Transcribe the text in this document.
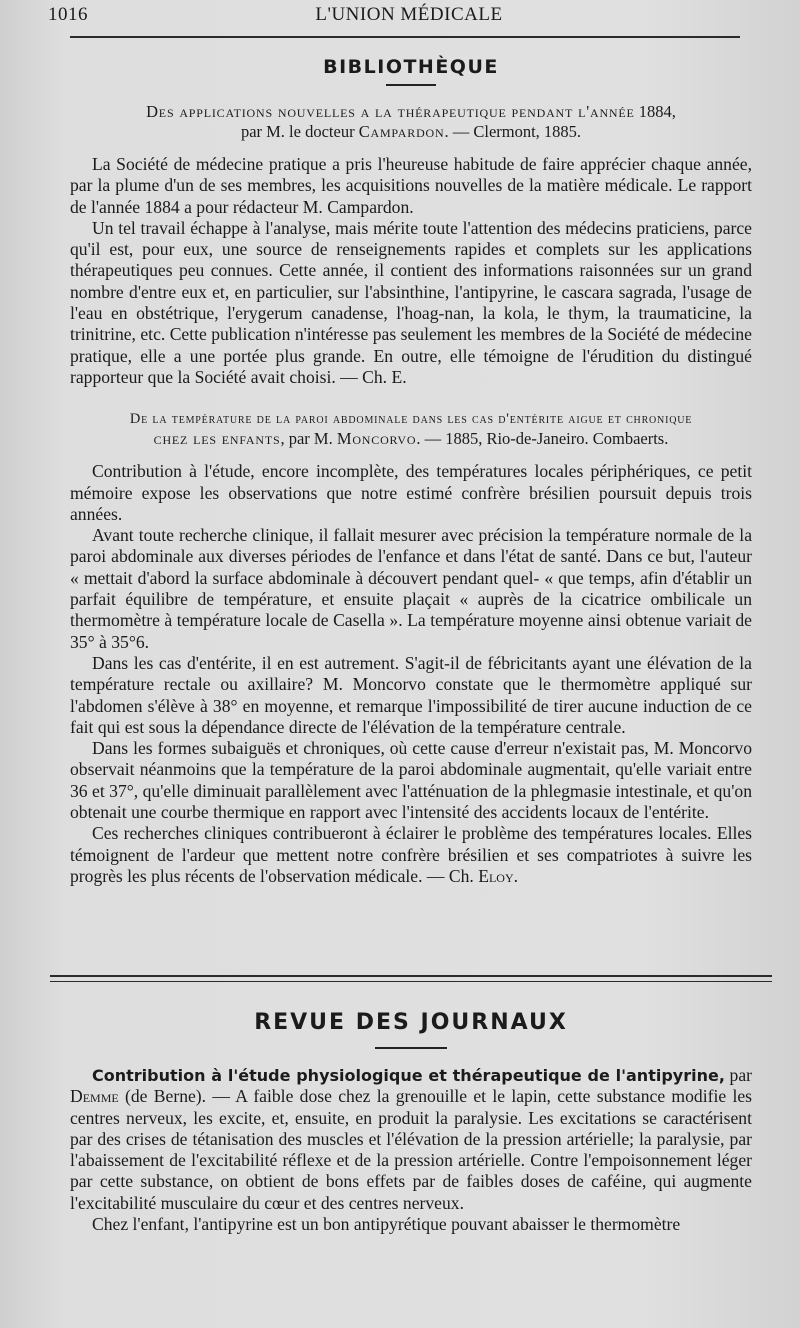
1016	L'UNION MÉDICALE
BIBLIOTHÈQUE
Des applications nouvelles a la thérapeutique pendant l'année 1884,
par M. le docteur Campardon. — Clermont, 1885.

La Société de médecine pratique a pris l'heureuse habitude de faire apprécier chaque année, par la plume d'un de ses membres, les acquisitions nouvelles de la matière médicale. Le rapport de l'année 1884 a pour rédacteur M. Campardon.

Un tel travail échappe à l'analyse, mais mérite toute l'attention des médecins praticiens, parce qu'il est, pour eux, une source de renseignements rapides et complets sur les applications thérapeutiques peu connues. Cette année, il contient des informations raisonnées sur un grand nombre d'entre eux et, en particulier, sur l'absinthine, l'antipyrine, le cascara sagrada, l'usage de l'eau en obstétrique, l'erygerum canadense, l'hoag-nan, la kola, le thym, la traumaticine, la trinitrine, etc. Cette publication n'intéresse pas seulement les membres de la Société de médecine pratique, elle a une portée plus grande. En outre, elle témoigne de l'érudition du distingué rapporteur que la Société avait choisi. — Ch. E.

De la température de la paroi abdominale dans les cas d'entérite aigue et chronique
chez les enfants, par M. Moncorvo. — 1885, Rio-de-Janeiro. Combaerts.

Contribution à l'étude, encore incomplète, des températures locales périphériques, ce petit mémoire expose les observations que notre estimé confrère brésilien poursuit depuis trois années.

Avant toute recherche clinique, il fallait mesurer avec précision la température normale de la paroi abdominale aux diverses périodes de l'enfance et dans l'état de santé. Dans ce but, l'auteur « mettait d'abord la surface abdominale à découvert pendant quel- « que temps, afin d'établir un parfait équilibre de température, et ensuite plaçait « auprès de la cicatrice ombilicale un thermomètre à température locale de Casella ». La température moyenne ainsi obtenue variait de 35° à 35°6.

Dans les cas d'entérite, il en est autrement. S'agit-il de fébricitants ayant une élévation de la température rectale ou axillaire? M. Moncorvo constate que le thermomètre appliqué sur l'abdomen s'élève à 38° en moyenne, et remarque l'impossibilité de tirer aucune induction de ce fait qui est sous la dépendance directe de l'élévation de la température centrale.

Dans les formes subaiguës et chroniques, où cette cause d'erreur n'existait pas, M. Moncorvo observait néanmoins que la température de la paroi abdominale augmentait, qu'elle variait entre 36 et 37°, qu'elle diminuait parallèlement avec l'atténuation de la phlegmasie intestinale, et qu'on obtenait une courbe thermique en rapport avec l'intensité des accidents locaux de l'entérite.

Ces recherches cliniques contribueront à éclairer le problème des températures locales. Elles témoignent de l'ardeur que mettent notre confrère brésilien et ses compatriotes à suivre les progrès les plus récents de l'observation médicale. — Ch. Eloy.

REVUE DES JOURNAUX

Contribution à l'étude physiologique et thérapeutique de l'antipyrine, par Demme (de Berne). — A faible dose chez la grenouille et le lapin, cette substance modifie les centres nerveux, les excite, et, ensuite, en produit la paralysie. Les excitations se caractérisent par des crises de tétanisation des muscles et l'élévation de la pression artérielle; la paralysie, par l'abaissement de l'excitabilité réflexe et de la pression artérielle. Contre l'empoisonnement léger par cette substance, on obtient de bons effets par de faibles doses de caféine, qui augmente l'excitabilité musculaire du cœur et des centres nerveux.

Chez l'enfant, l'antipyrine est un bon antipyrétique pouvant abaisser le thermomètre
